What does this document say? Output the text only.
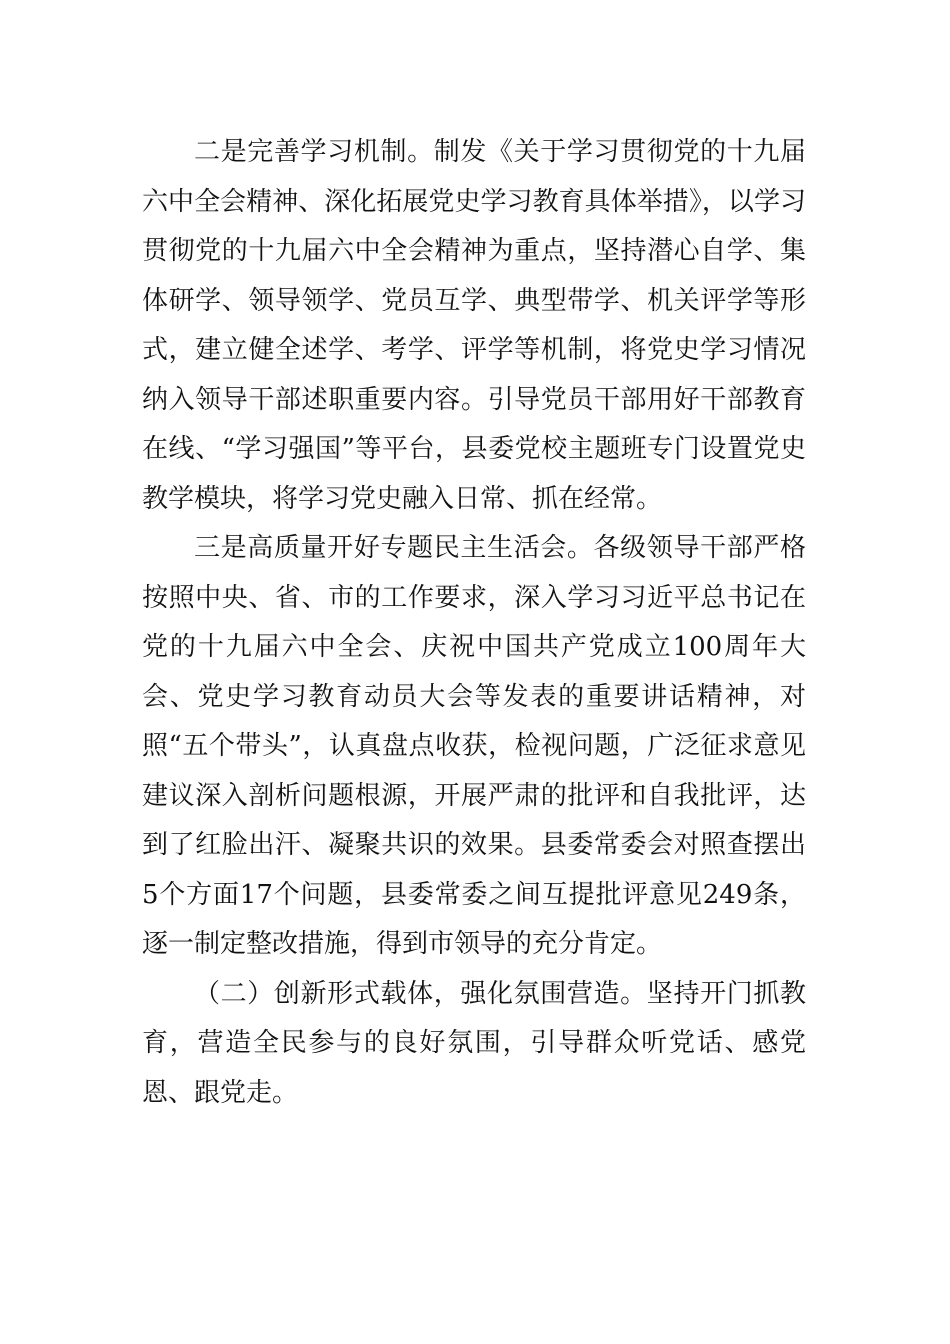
二是完善学习机制。制发《关于学习贯彻党的十九届六中全会精神、深化拓展党史学习教育具体举措》，以学习贯彻党的十九届六中全会精神为重点，坚持潜心自学、集体研学、领导领学、党员互学、典型带学、机关评学等形式，建立健全述学、考学、评学等机制，将党史学习情况纳入领导干部述职重要内容。引导党员干部用好干部教育在线、“学习强国”等平台，县委党校主题班专门设置党史教学模块，将学习党史融入日常、抓在经常。

三是高质量开好专题民主生活会。各级领导干部严格按照中央、省、市的工作要求，深入学习习近平总书记在党的十九届六中全会、庆祝中国共产党成立100周年大会、党史学习教育动员大会等发表的重要讲话精神，对照“五个带头”，认真盘点收获，检视问题，广泛征求意见建议深入剖析问题根源，开展严肃的批评和自我批评，达到了红脸出汗、凝聚共识的效果。县委常委会对照查摆出5个方面17个问题，县委常委之间互提批评意见249条，逐一制定整改措施，得到市领导的充分肯定。

（二）创新形式载体，强化氛围营造。坚持开门抓教育，营造全民参与的良好氛围，引导群众听党话、感党恩、跟党走。
